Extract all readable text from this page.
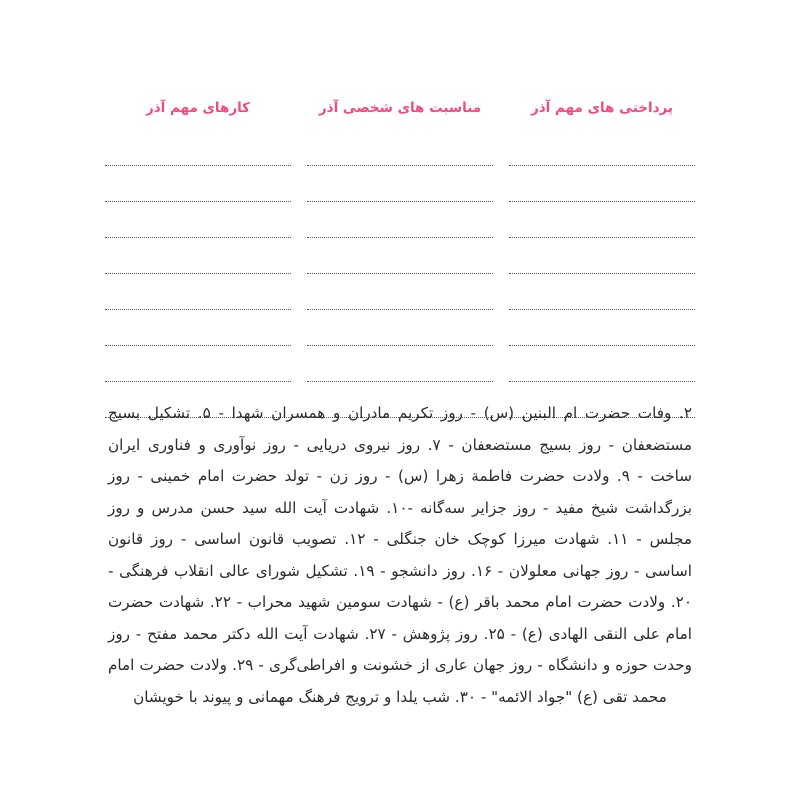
پرداختی های مهم آذر
مناسبت های شخصی آذر
کارهای مهم آذر
۲. وفات حضرت ام البنین (س) - روز تکریم مادران و همسران شهدا - ۵. تشکیل بسیج مستضعفان - روز بسیج مستضعفان - ۷. روز نیروی دریایی - روز نوآوری و فناوری ایران ساخت - ۹. ولادت حضرت فاطمة زهرا (س) - روز زن - تولد حضرت امام خمینی - روز بزرگداشت شیخ مفید - روز جزایر سه‌گانه -۱۰. شهادت آیت الله سید حسن مدرس و روز مجلس - ۱۱. شهادت میرزا کوچک خان جنگلی - ۱۲. تصویب قانون اساسی - روز قانون اساسی - روز جهانی معلولان - ۱۶. روز دانشجو - ۱۹. تشکیل شورای عالی انقلاب فرهنگی - ۲۰. ولادت حضرت امام محمد باقر (ع) - شهادت سومین شهید محراب - ۲۲. شهادت حضرت امام علی النقی الهادی (ع) - ۲۵. روز پژوهش - ۲۷. شهادت آیت الله دکتر محمد مفتح - روز وحدت حوزه و دانشگاه - روز جهان عاری از خشونت و افراطی‌گری - ۲۹. ولادت حضرت امام محمد تقی (ع) "جواد الائمه" - ۳۰. شب یلدا و ترویج فرهنگ مهمانی و پیوند با خویشان
